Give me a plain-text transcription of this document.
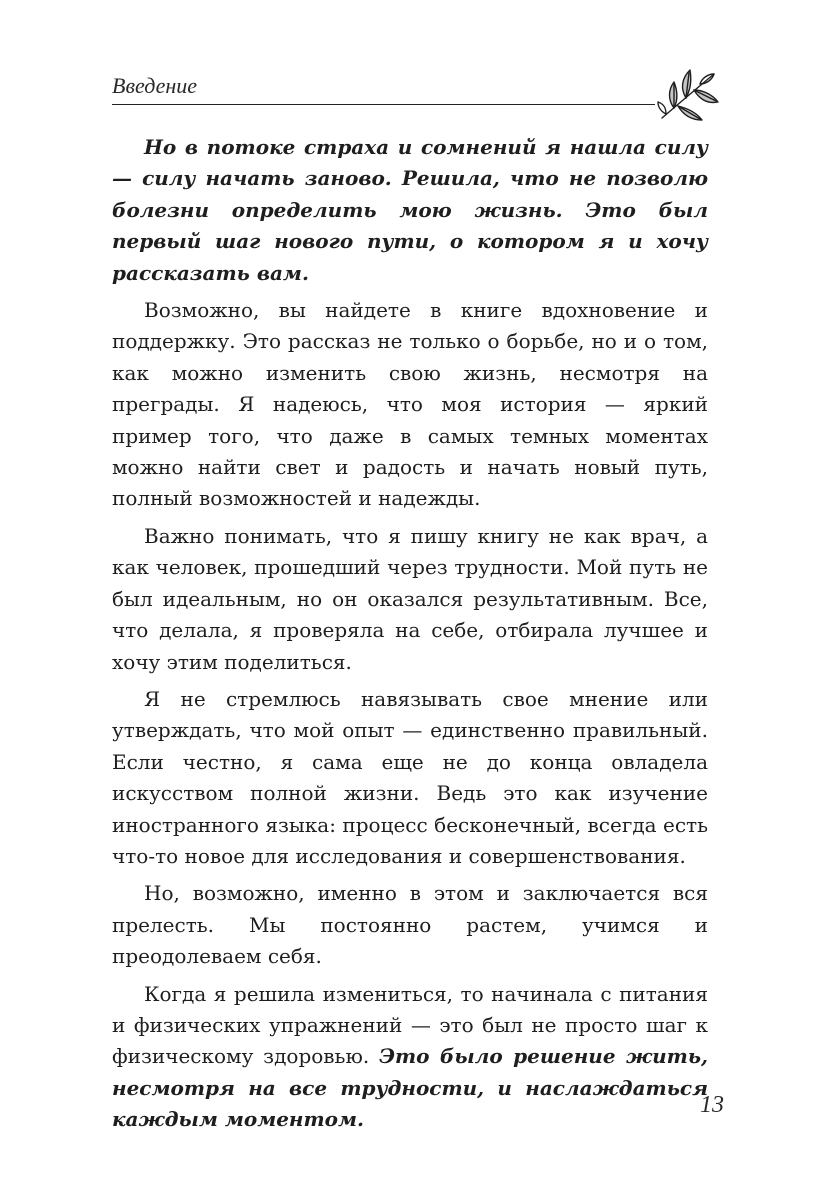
Введение

Но в потоке страха и сомнений я нашла силу — силу начать заново. Решила, что не позволю болезни определить мою жизнь. Это был первый шаг нового пути, о котором я и хочу рассказать вам.

Возможно, вы найдете в книге вдохновение и поддержку. Это рассказ не только о борьбе, но и о том, как можно изменить свою жизнь, несмотря на преграды. Я надеюсь, что моя история — яркий пример того, что даже в самых темных моментах можно найти свет и радость и начать новый путь, полный возможностей и надежды.

Важно понимать, что я пишу книгу не как врач, а как человек, прошедший через трудности. Мой путь не был идеальным, но он оказался результативным. Все, что делала, я проверяла на себе, отбирала лучшее и хочу этим поделиться.

Я не стремлюсь навязывать свое мнение или утверждать, что мой опыт — единственно правильный. Если честно, я сама еще не до конца овладела искусством полной жизни. Ведь это как изучение иностранного языка: процесс бесконечный, всегда есть что-то новое для исследования и совершенствования.

Но, возможно, именно в этом и заключается вся прелесть. Мы постоянно растем, учимся и преодолеваем себя.

Когда я решила измениться, то начинала с питания и физических упражнений — это был не просто шаг к физическому здоровью. Это было решение жить, несмотря на все трудности, и наслаждаться каждым моментом.

13
